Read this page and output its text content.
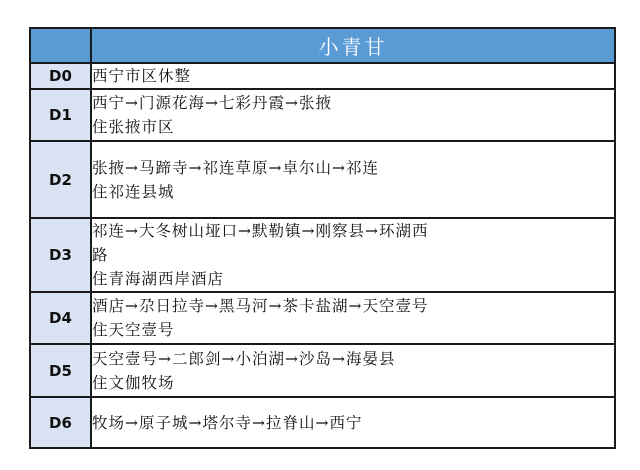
	小青甘
D0	西宁市区休整

D1	西宁→门源花海→七彩丹霞→张掖
住张掖市区

D2	张掖→马蹄寺→祁连草原→卓尔山→祁连
住祁连县城

D3	祁连→大冬树山垭口→默勒镇→刚察县→环湖西
路
住青海湖西岸酒店

D4	酒店→尕日拉寺→黑马河→茶卡盐湖→天空壹号
住天空壹号

D5	天空壹号→二郎剑→小泊湖→沙岛→海晏县
住文伽牧场

D6	牧场→原子城→塔尔寺→拉脊山→西宁
